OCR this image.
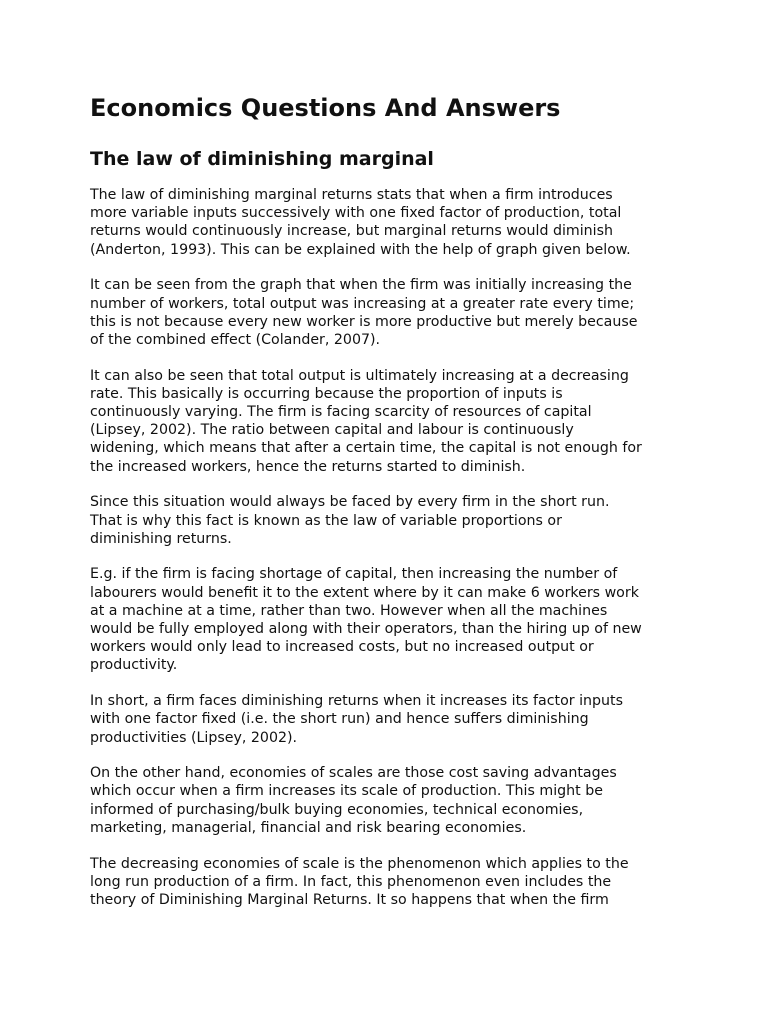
Economics Questions And Answers
The law of diminishing marginal

The law of diminishing marginal returns stats that when a firm introduces
more variable inputs successively with one fixed factor of production, total
returns would continuously increase, but marginal returns would diminish
(Anderton, 1993). This can be explained with the help of graph given below.

It can be seen from the graph that when the firm was initially increasing the
number of workers, total output was increasing at a greater rate every time;
this is not because every new worker is more productive but merely because
of the combined effect (Colander, 2007).

It can also be seen that total output is ultimately increasing at a decreasing
rate. This basically is occurring because the proportion of inputs is
continuously varying. The firm is facing scarcity of resources of capital
(Lipsey, 2002). The ratio between capital and labour is continuously
widening, which means that after a certain time, the capital is not enough for
the increased workers, hence the returns started to diminish.

Since this situation would always be faced by every firm in the short run.
That is why this fact is known as the law of variable proportions or
diminishing returns.

E.g. if the firm is facing shortage of capital, then increasing the number of
labourers would benefit it to the extent where by it can make 6 workers work
at a machine at a time, rather than two. However when all the machines
would be fully employed along with their operators, than the hiring up of new
workers would only lead to increased costs, but no increased output or
productivity.

In short, a firm faces diminishing returns when it increases its factor inputs
with one factor fixed (i.e. the short run) and hence suffers diminishing
productivities (Lipsey, 2002).

On the other hand, economies of scales are those cost saving advantages
which occur when a firm increases its scale of production. This might be
informed of purchasing/bulk buying economies, technical economies,
marketing, managerial, financial and risk bearing economies.

The decreasing economies of scale is the phenomenon which applies to the
long run production of a firm. In fact, this phenomenon even includes the
theory of Diminishing Marginal Returns. It so happens that when the firm
